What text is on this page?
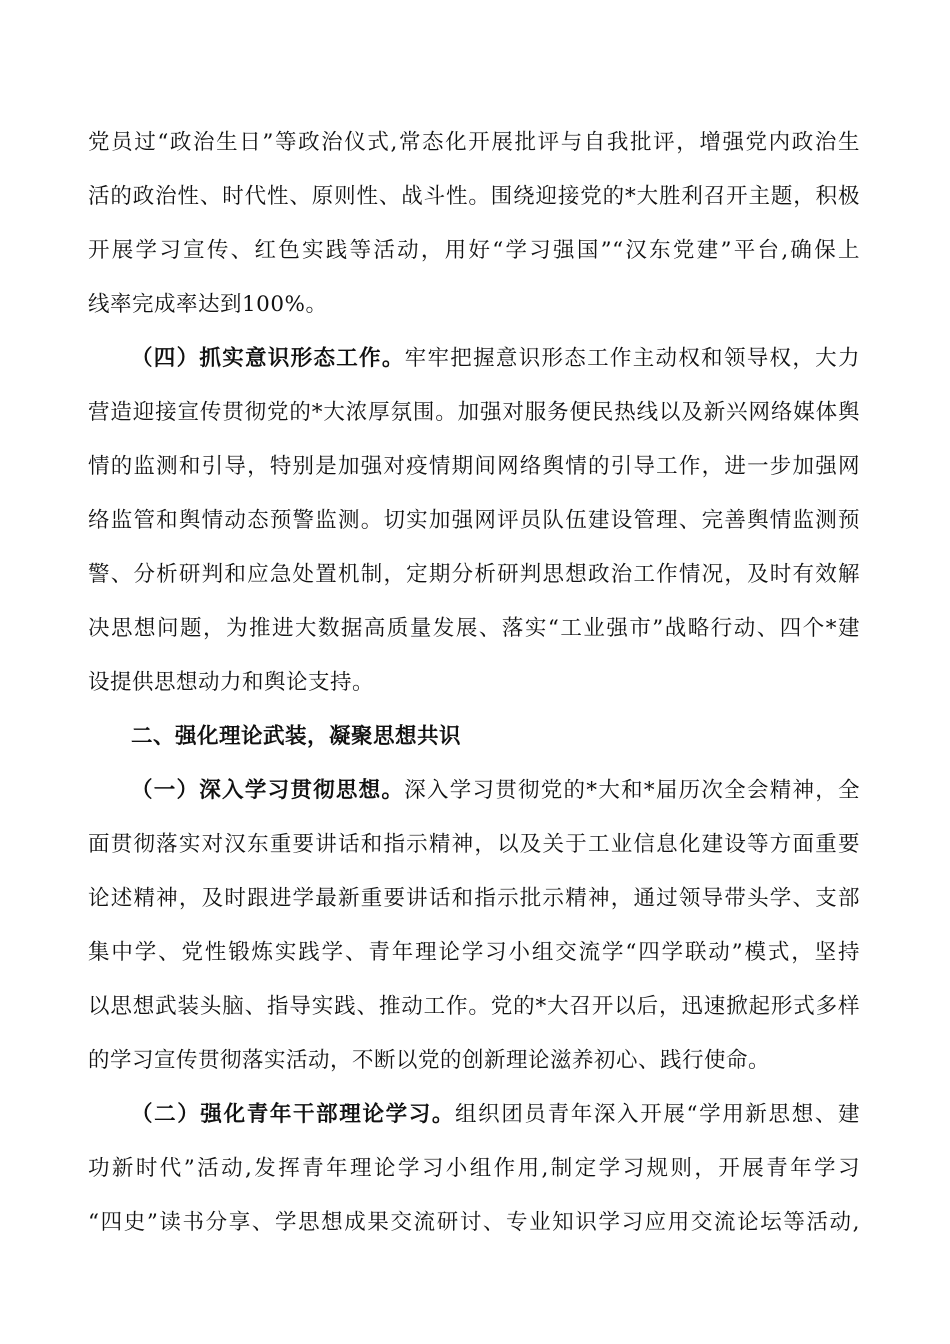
党员过“政治生日”等政治仪式,常态化开展批评与自我批评，增强党内政治生
活的政治性、时代性、原则性、战斗性。围绕迎接党的*大胜利召开主题，积极
开展学习宣传、红色实践等活动，用好“学习强国”“汉东党建”平台,确保上
线率完成率达到100%。
（四）抓实意识形态工作。牢牢把握意识形态工作主动权和领导权，大力
营造迎接宣传贯彻党的*大浓厚氛围。加强对服务便民热线以及新兴网络媒体舆
情的监测和引导，特别是加强对疫情期间网络舆情的引导工作，进一步加强网
络监管和舆情动态预警监测。切实加强网评员队伍建设管理、完善舆情监测预
警、分析研判和应急处置机制，定期分析研判思想政治工作情况，及时有效解
决思想问题，为推进大数据高质量发展、落实“工业强市”战略行动、四个*建
设提供思想动力和舆论支持。
二、强化理论武装，凝聚思想共识
（一）深入学习贯彻思想。深入学习贯彻党的*大和*届历次全会精神，全
面贯彻落实对汉东重要讲话和指示精神，以及关于工业信息化建设等方面重要
论述精神，及时跟进学最新重要讲话和指示批示精神，通过领导带头学、支部
集中学、党性锻炼实践学、青年理论学习小组交流学“四学联动”模式，坚持
以思想武装头脑、指导实践、推动工作。党的*大召开以后，迅速掀起形式多样
的学习宣传贯彻落实活动，不断以党的创新理论滋养初心、践行使命。
（二）强化青年干部理论学习。组织团员青年深入开展“学用新思想、建
功新时代”活动,发挥青年理论学习小组作用,制定学习规则，开展青年学习
“四史”读书分享、学思想成果交流研讨、专业知识学习应用交流论坛等活动,
